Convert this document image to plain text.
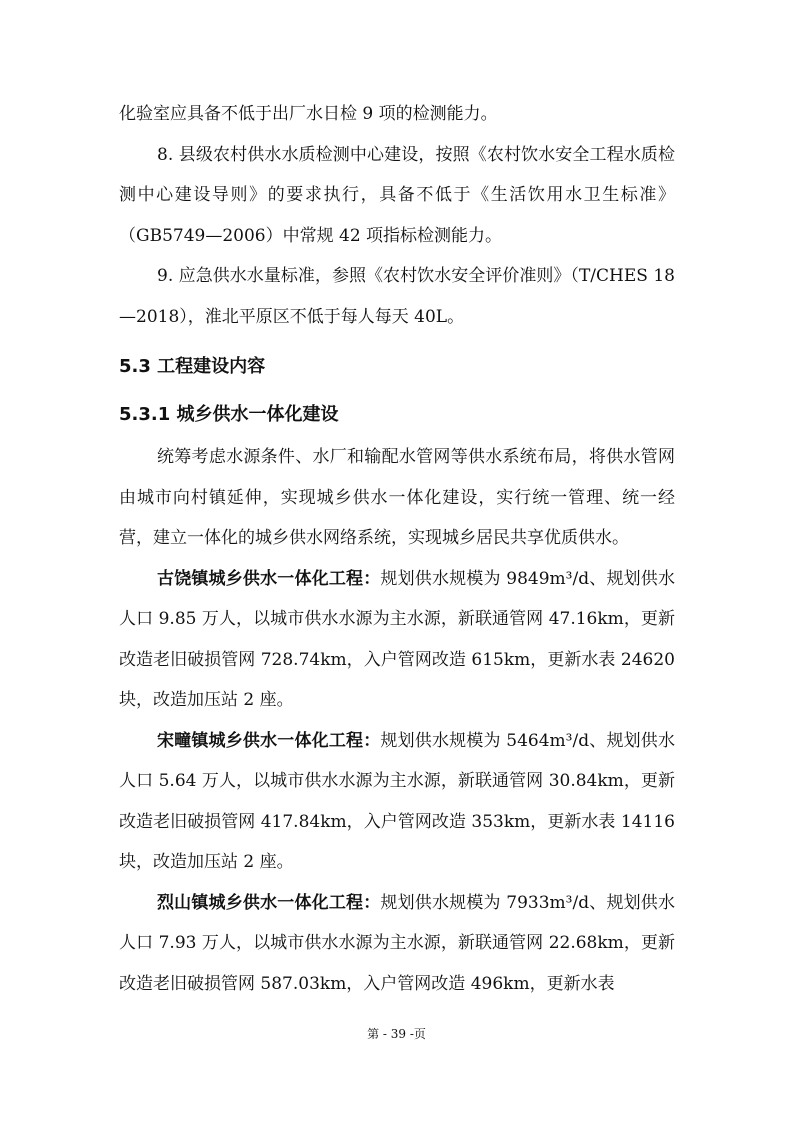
化验室应具备不低于出厂水日检 9 项的检测能力。

8. 县级农村供水水质检测中心建设，按照《农村饮水安全工程水质检测中心建设导则》的要求执行，具备不低于《生活饮用水卫生标准》（GB5749—2006）中常规 42 项指标检测能力。

9. 应急供水水量标准，参照《农村饮水安全评价准则》（T/CHES 18—2018），淮北平原区不低于每人每天 40L。

5.3 工程建设内容
5.3.1 城乡供水一体化建设

统筹考虑水源条件、水厂和输配水管网等供水系统布局，将供水管网由城市向村镇延伸，实现城乡供水一体化建设，实行统一管理、统一经营，建立一体化的城乡供水网络系统，实现城乡居民共享优质供水。

古饶镇城乡供水一体化工程：规划供水规模为 9849m³/d、规划供水人口 9.85 万人，以城市供水水源为主水源，新联通管网 47.16km，更新改造老旧破损管网 728.74km，入户管网改造 615km，更新水表 24620 块，改造加压站 2 座。

宋疃镇城乡供水一体化工程：规划供水规模为 5464m³/d、规划供水人口 5.64 万人，以城市供水水源为主水源，新联通管网 30.84km，更新改造老旧破损管网 417.84km，入户管网改造 353km，更新水表 14116 块，改造加压站 2 座。

烈山镇城乡供水一体化工程：规划供水规模为 7933m³/d、规划供水人口 7.93 万人，以城市供水水源为主水源，新联通管网 22.68km，更新改造老旧破损管网 587.03km，入户管网改造 496km，更新水表

第 - 39 -页
